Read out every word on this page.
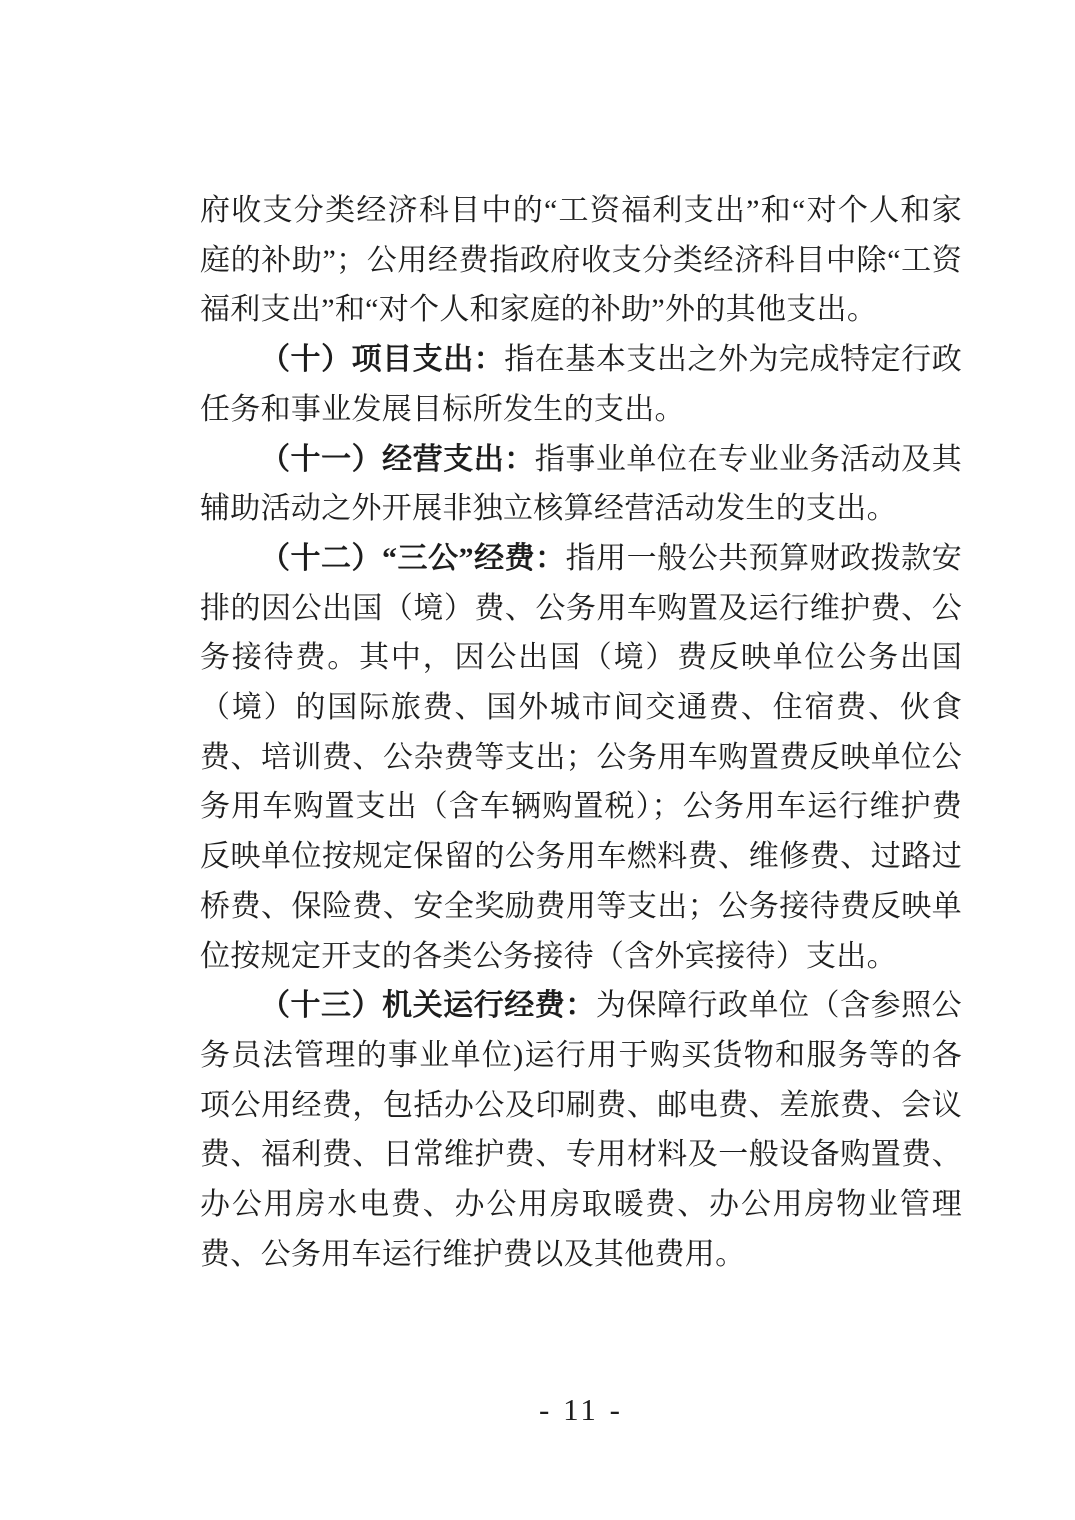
府收支分类经济科目中的“工资福利支出”和“对个人和家庭的补助”；公用经费指政府收支分类经济科目中除“工资福利支出”和“对个人和家庭的补助”外的其他支出。

（十）项目支出：指在基本支出之外为完成特定行政任务和事业发展目标所发生的支出。

（十一）经营支出：指事业单位在专业业务活动及其辅助活动之外开展非独立核算经营活动发生的支出。

（十二）“三公”经费：指用一般公共预算财政拨款安排的因公出国（境）费、公务用车购置及运行维护费、公务接待费。其中，因公出国（境）费反映单位公务出国（境）的国际旅费、国外城市间交通费、住宿费、伙食费、培训费、公杂费等支出；公务用车购置费反映单位公务用车购置支出（含车辆购置税）；公务用车运行维护费反映单位按规定保留的公务用车燃料费、维修费、过路过桥费、保险费、安全奖励费用等支出；公务接待费反映单位按规定开支的各类公务接待（含外宾接待）支出。

（十三）机关运行经费：为保障行政单位（含参照公务员法管理的事业单位)运行用于购买货物和服务等的各项公用经费，包括办公及印刷费、邮电费、差旅费、会议费、福利费、日常维护费、专用材料及一般设备购置费、办公用房水电费、办公用房取暖费、办公用房物业管理费、公务用车运行维护费以及其他费用。

- 11 -
